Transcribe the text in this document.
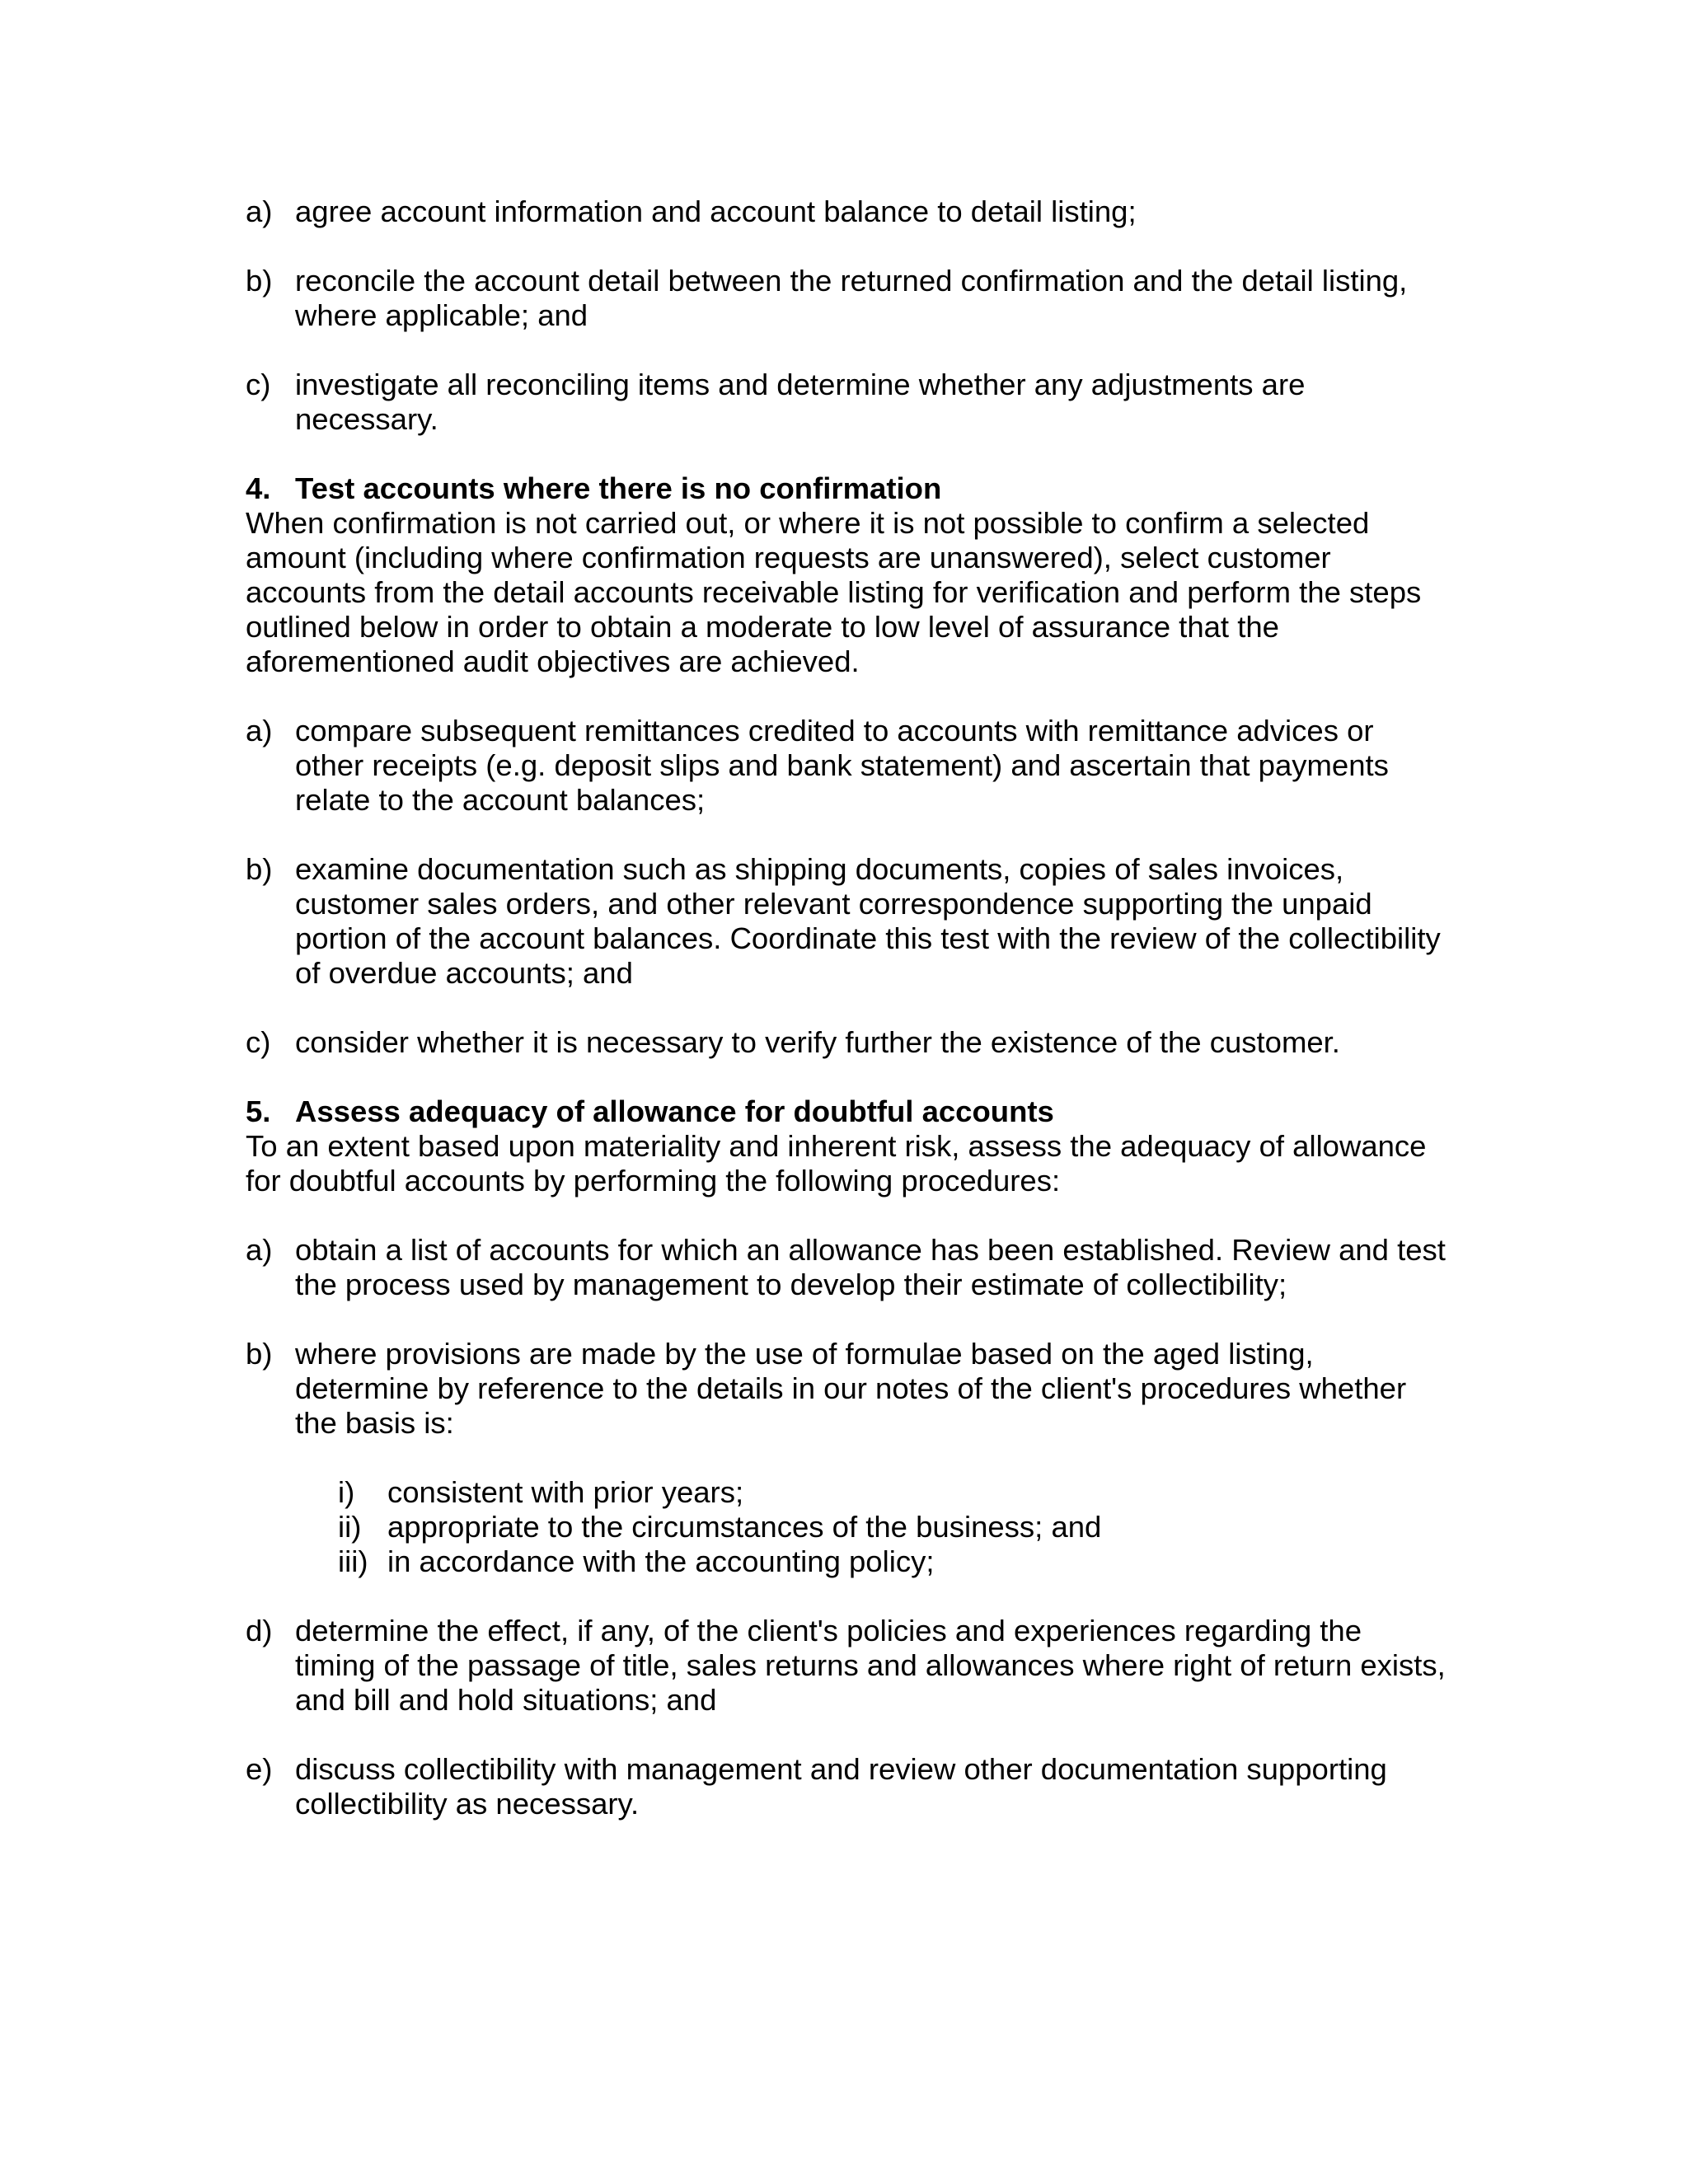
a) agree account information and account balance to detail listing;
b) reconcile the account detail between the returned confirmation and the detail listing, where applicable; and
c) investigate all reconciling items and determine whether any adjustments are necessary.
4. Test accounts where there is no confirmation

When confirmation is not carried out, or where it is not possible to confirm a selected amount (including where confirmation requests are unanswered), select customer accounts from the detail accounts receivable listing for verification and perform the steps outlined below in order to obtain a moderate to low level of assurance that the aforementioned audit objectives are achieved.

a) compare subsequent remittances credited to accounts with remittance advices or other receipts (e.g. deposit slips and bank statement) and ascertain that payments relate to the account balances;
b) examine documentation such as shipping documents, copies of sales invoices, customer sales orders, and other relevant correspondence supporting the unpaid portion of the account balances. Coordinate this test with the review of the collectibility of overdue accounts; and
c) consider whether it is necessary to verify further the existence of the customer.
5. Assess adequacy of allowance for doubtful accounts

To an extent based upon materiality and inherent risk, assess the adequacy of allowance for doubtful accounts by performing the following procedures:

a) obtain a list of accounts for which an allowance has been established. Review and test the process used by management to develop their estimate of collectibility;
b) where provisions are made by the use of formulae based on the aged listing, determine by reference to the details in our notes of the client's procedures whether the basis is:
i)	consistent with prior years;
ii) appropriate to the circumstances of the business; and
iii) in accordance with the accounting policy;
d) determine the effect, if any, of the client's policies and experiences regarding the timing of the passage of title, sales returns and allowances where right of return exists, and bill and hold situations; and
e) discuss collectibility with management and review other documentation supporting collectibility as necessary.
